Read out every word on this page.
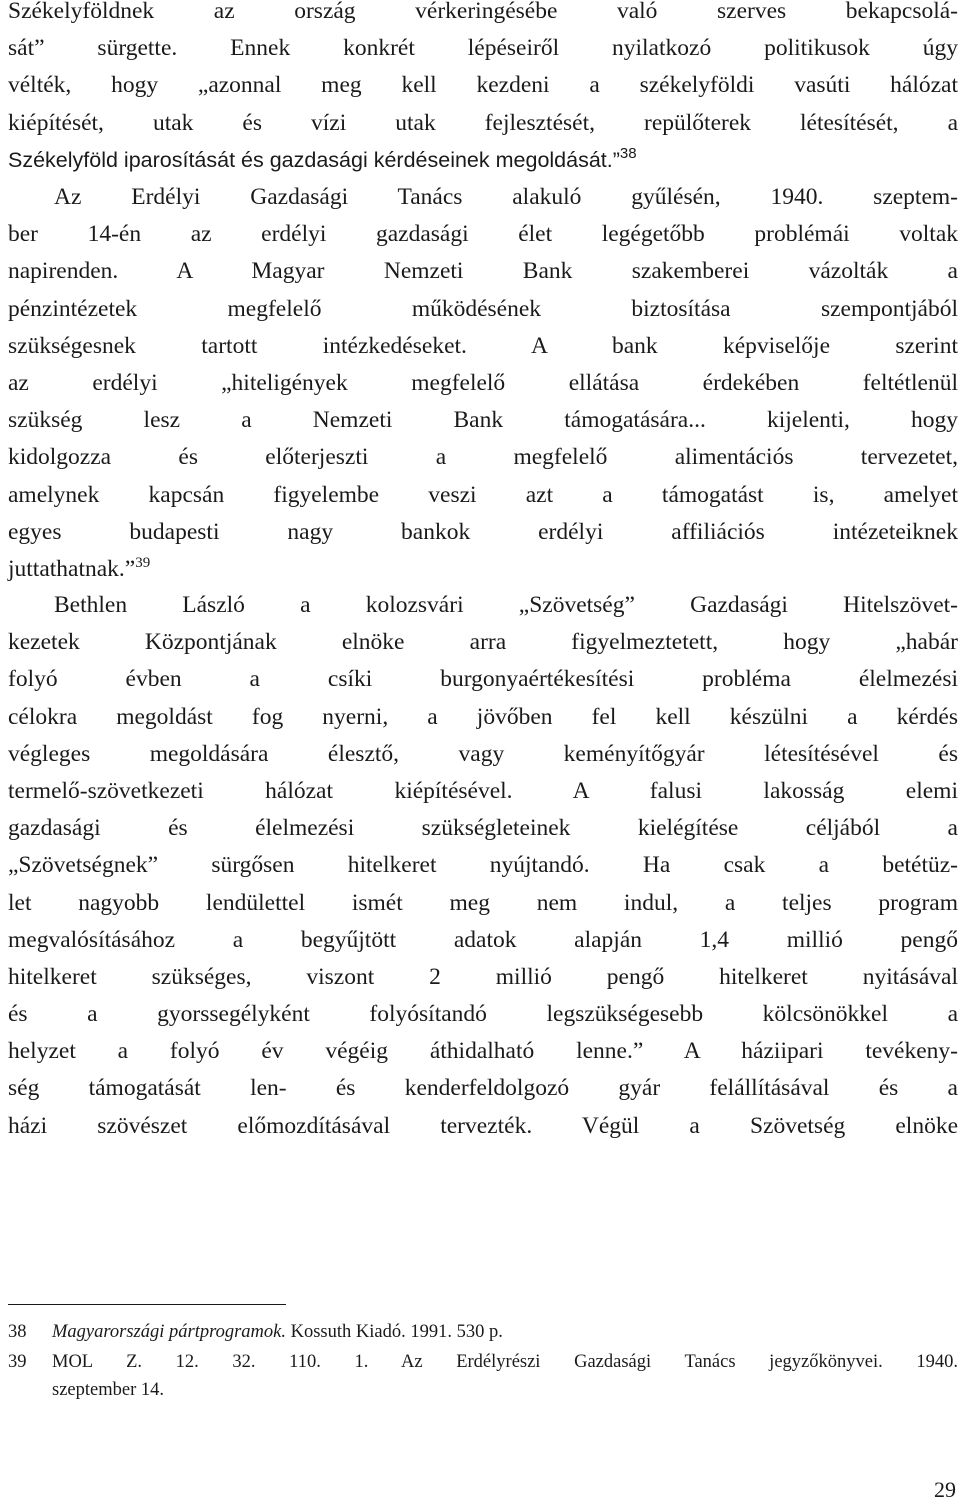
Székelyföldnek az ország vérkeringésébe való szerves bekapcsolá-
sát” sürgette. Ennek konkrét lépéseiről nyilatkozó politikusok úgy
vélték, hogy „azonnal meg kell kezdeni a székelyföldi vasúti hálózat
kiépítését, utak és vízi utak fejlesztését, repülőterek létesítését, a
Székelyföld iparosítását és gazdasági kérdéseinek megoldását.”$^{38}$
Az Erdélyi Gazdasági Tanács alakuló gyűlésén, 1940. szeptem-
ber 14-én az erdélyi gazdasági élet legégetőbb problémái voltak
napirenden. A Magyar Nemzeti Bank szakemberei vázolták a
pénzintézetek megfelelő működésének biztosítása szempontjából
szükségesnek tartott intézkedéseket. A bank képviselője szerint
az erdélyi „hiteligények megfelelő ellátása érdekében feltétlenül
szükség lesz a Nemzeti Bank támogatására... kijelenti, hogy
kidolgozza és előterjeszti a megfelelő alimentációs tervezetet,
amelynek kapcsán figyelembe veszi azt a támogatást is, amelyet
egyes budapesti nagy bankok erdélyi affiliációs intézeteiknek
juttathatnak.”$^{39}$
Bethlen László a kolozsvári „Szövetség” Gazdasági Hitelszövet-
kezetek Központjának elnöke arra figyelmeztetett, hogy „habár
folyó évben a csíki burgonyaértékesítési probléma élelmezési
célokra megoldást fog nyerni, a jövőben fel kell készülni a kérdés
végleges megoldására élesztő, vagy keményítőgyár létesítésével és
termelő-szövetkezeti hálózat kiépítésével. A falusi lakosság elemi
gazdasági és élelmezési szükségleteinek kielégítése céljából a
„Szövetségnek” sürgősen hitelkeret nyújtandó. Ha csak a betétüz-
let nagyobb lendülettel ismét meg nem indul, a teljes program
megvalósításához a begyűjtött adatok alapján 1,4 millió pengő
hitelkeret szükséges, viszont 2 millió pengő hitelkeret nyitásával
és a gyorssegélyként folyósítandó legszükségesebb kölcsönökkel a
helyzet a folyó év végéig áthidalható lenne.” A háziipari tevékeny-
ség támogatását len- és kenderfeldolgozó gyár felállításával és a
házi szövészet előmozdításával tervezték. Végül a Szövetség elnöke
38 Magyarországi pártprogramok. Kossuth Kiadó. 1991. 530 p.
39 MOL Z. 12. 32. 110. 1. Az Erdélyrészi Gazdasági Tanács jegyzőkönyvei. 1940.
szeptember 14.
29
